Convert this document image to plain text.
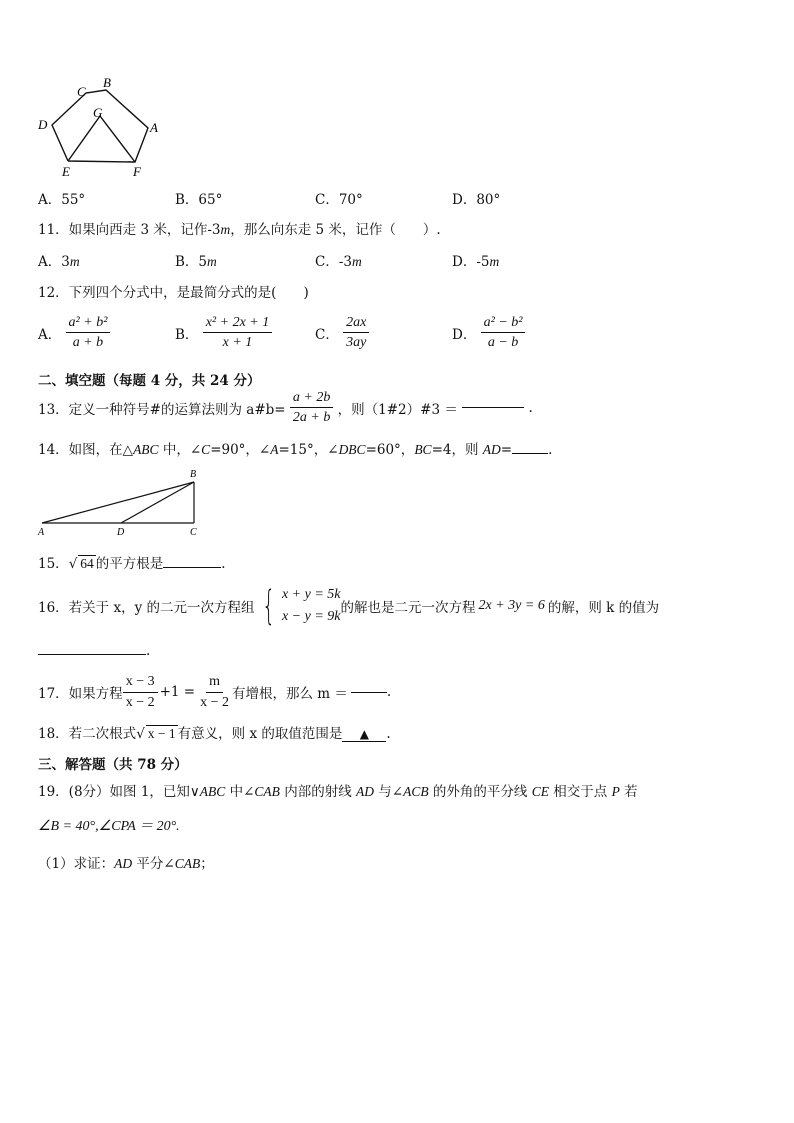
D
C
B
A
G
E	F
A．55°	B．65°	C．70°	D．80°
11．如果向西走 3 米，记作-3m，那么向东走 5 米，记作（　　）.
A．3m	B．5m	C．-3m	D．-5m
12．下列四个分式中，是最简分式的是(　　)
A． $\frac{\text{a² + b²}}{a + b}$	B． $\frac{\text{x² + 2x + 1}}{x + 1}$	C． $\frac{2ax}{3ay}$	D． $\frac{\text{a² − b²}}{a - b}$
二、填空题（每题 4 分，共 24 分）
13．定义一种符号#的运算法则为 a#b= $\frac{a + 2b}{2a + b}$ ，则（1#2）#3 ＝	.
14．如图，在△ABC 中，∠C=90°，∠A=15°，∠DBC=60°，BC=4，则 AD=	.
B
A	D	C
15．√ 64 的平方根是	.
16．若关于 x，y 的二元一次方程组 { x + y = 5k
x − y = 9k
的解也是二元一次方程 2x + 3y = 6 的解，则 k 的值为
.
17．如果方程 $\frac{x - 3}{x - 2} +1 = \frac{m}{x - 2}$ 有增根，那么 m ＝	.
18．若二次根式√ x − 1 有意义，则 x 的取值范围是 ▲ .
三、解答题（共 78 分）
19．(8分）如图 1，已知∨ABC 中∠CAB 内部的射线 AD 与∠ACB 的外角的平分线 CE 相交于点 P 若
∠B = 40°,∠CPA ＝ 20°.
（1）求证：AD 平分∠CAB；
